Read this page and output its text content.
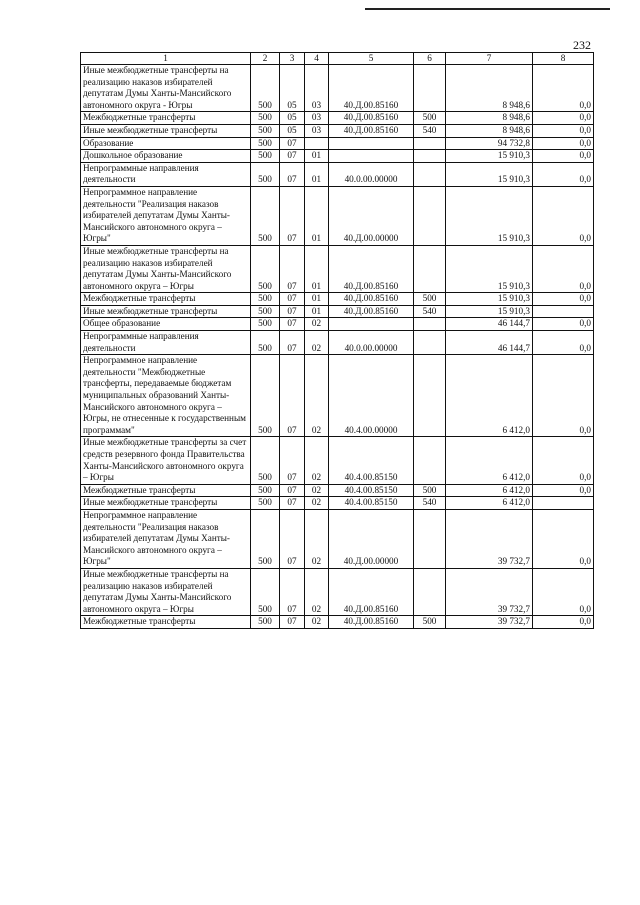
232
1	2	3	4	5	6	7	8
Иные межбюджетные трансферты на реализацию наказов избирателей депутатам Думы Ханты-Мансийского автономного округа - Югры	500	05	03	40.Д.00.85160		8 948,6	0,0
Межбюджетные трансферты	500	05	03	40.Д.00.85160	500	8 948,6	0,0
Иные межбюджетные трансферты	500	05	03	40.Д.00.85160	540	8 948,6	0,0
Образование	500	07				94 732,8	0,0
Дошкольное образование	500	07	01			15 910,3	0,0
Непрограммные направления деятельности	500	07	01	40.0.00.00000		15 910,3	0,0
Непрограммное направление деятельности "Реализация наказов избирателей депутатам Думы Ханты-Мансийского автономного округа – Югры"	500	07	01	40.Д.00.00000		15 910,3	0,0
Иные межбюджетные трансферты на реализацию наказов избирателей депутатам Думы Ханты-Мансийского автономного округа – Югры	500	07	01	40.Д.00.85160		15 910,3	0,0
Межбюджетные трансферты	500	07	01	40.Д.00.85160	500	15 910,3	0,0
Иные межбюджетные трансферты	500	07	01	40.Д.00.85160	540	15 910,3	
Общее образование	500	07	02			46 144,7	0,0
Непрограммные направления деятельности	500	07	02	40.0.00.00000		46 144,7	0,0
Непрограммное направление деятельности "Межбюджетные трансферты, передаваемые бюджетам муниципальных образований Ханты-Мансийского автономного округа – Югры, не отнесенные к государственным программам"	500	07	02	40.4.00.00000		6 412,0	0,0
Иные межбюджетные трансферты за счет средств резервного фонда Правительства Ханты-Мансийского автономного округа – Югры	500	07	02	40.4.00.85150		6 412,0	0,0
Межбюджетные трансферты	500	07	02	40.4.00.85150	500	6 412,0	0,0
Иные межбюджетные трансферты	500	07	02	40.4.00.85150	540	6 412,0	
Непрограммное направление деятельности "Реализация наказов избирателей депутатам Думы Ханты-Мансийского автономного округа – Югры"	500	07	02	40.Д.00.00000		39 732,7	0,0
Иные межбюджетные трансферты на реализацию наказов избирателей депутатам Думы Ханты-Мансийского автономного округа – Югры	500	07	02	40.Д.00.85160		39 732,7	0,0
Межбюджетные трансферты	500	07	02	40.Д.00.85160	500	39 732,7	0,0
